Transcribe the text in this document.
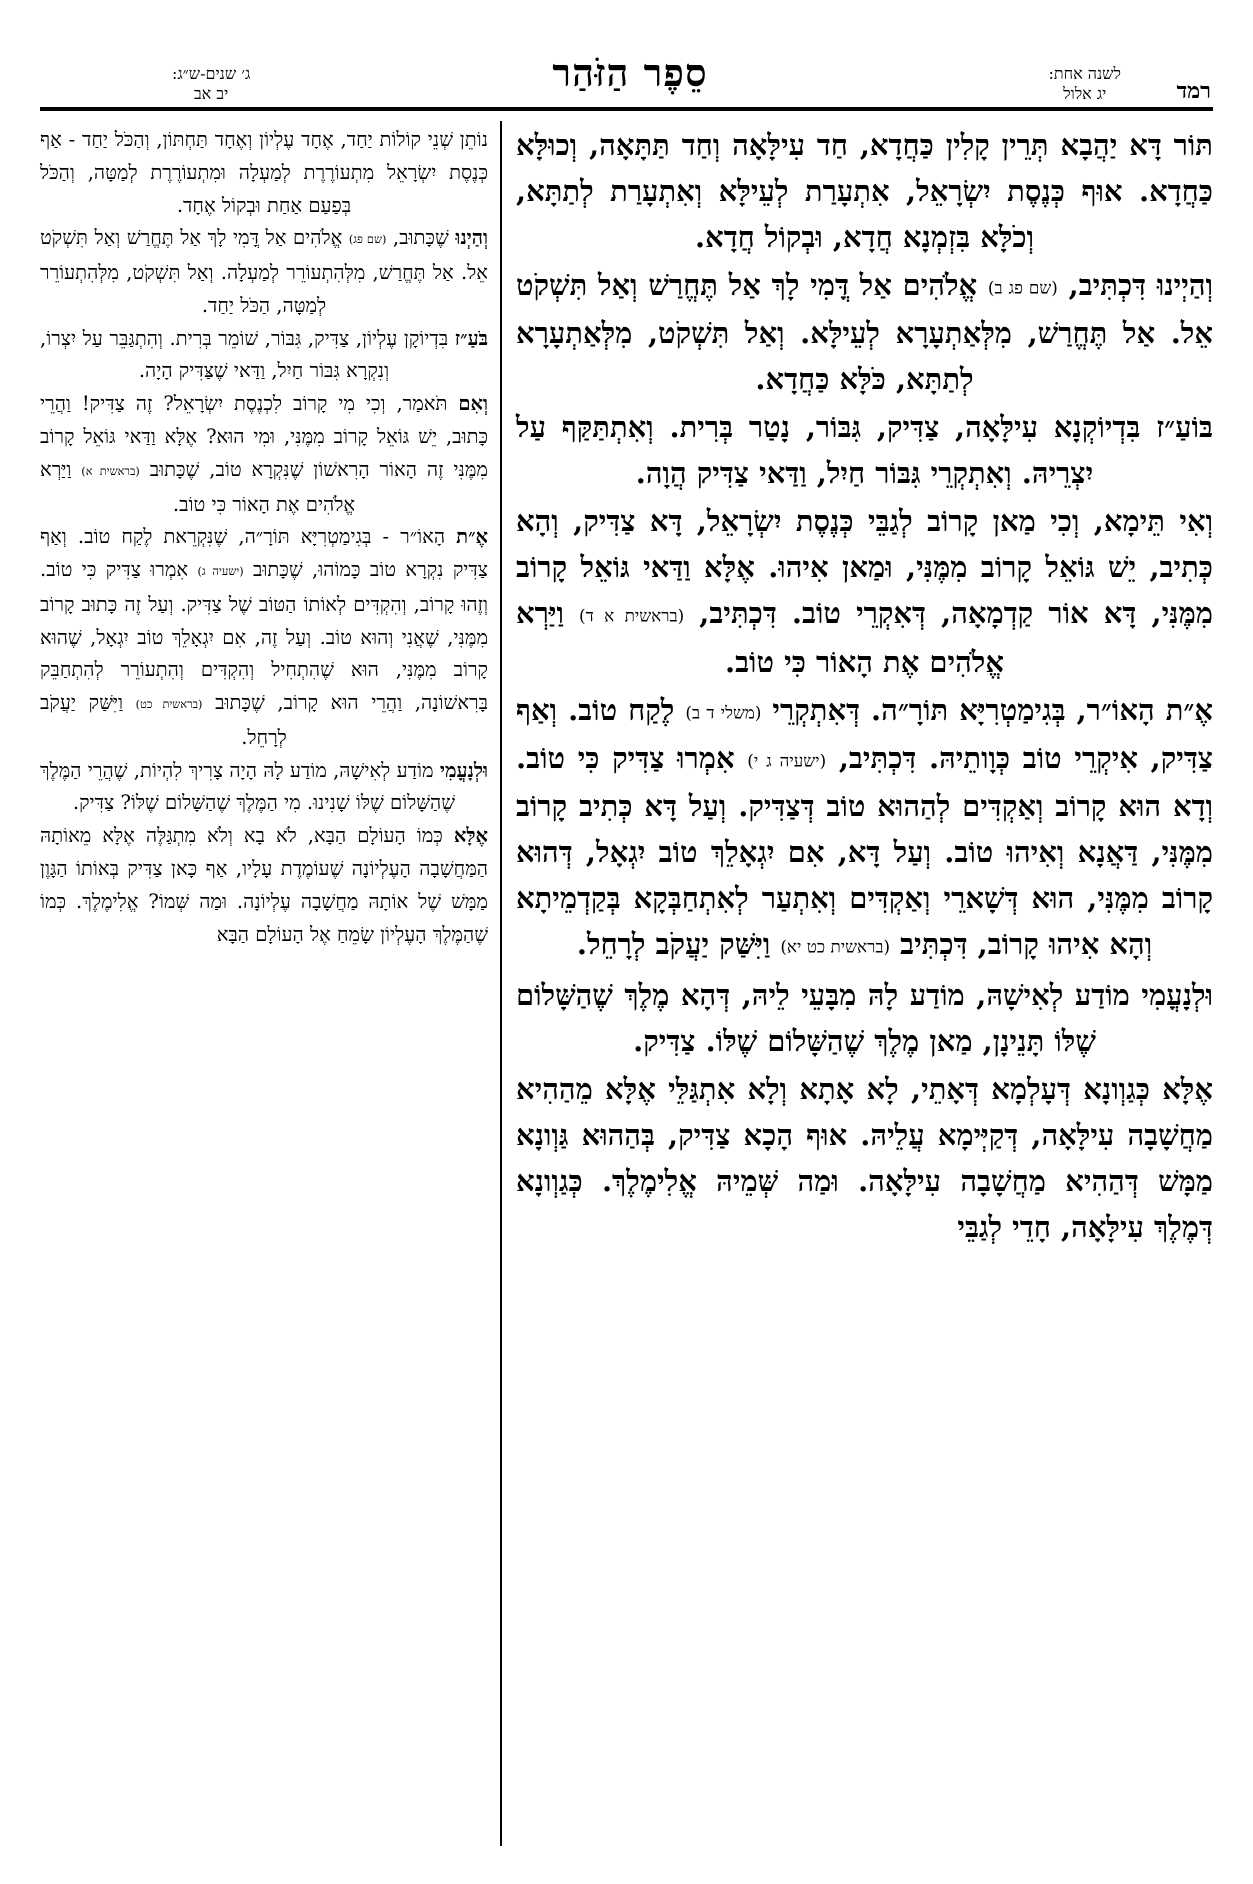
רמד
לשנה אחת:
יג אלול
סֵפֶר הַזֹּהַר
ג׳ שנים-ש״ג:
יב אב

תּוֹר דָּא יַהֲבָא תְּרֵין קָלִין כַּחֲדָא, חַד עִילָּאָה וְחַד תַּתָּאָה, וְכוּלָּא כַּחֲדָא. אוּף כְּנֶסֶת יִשְׂרָאֵל, אִתְעָרַת לְעֵילָּא וְאִתְעָרַת לְתַתָּא, וְכֹלָּא בִּזְמְנָא חֲדָא, וּבְקוֹל חֲדָא.

וְהַיְינוּ דִּכְתִּיב, (שם פג ב) אֱלֹהִים אַל דֳּמִי לָךְ אַל תֶּחֱרַשׁ וְאַל תִּשְׁקֹט אֵל. אַל תֶּחֱרַשׁ, מִלְּאַתְעָרָא לְעֵילָּא. וְאַל תִּשְׁקֹט, מִלְּאַתְעָרָא לְתַתָּא, כֹּלָּא כַּחֲדָא.

בּוֹעַ״ז בִּדְיוֹקְנָא עִילָּאָה, צַדִּיק, גִּבּוֹר, נָטַר בְּרִית. וְאִתְתַּקַּף עַל יִצְרֵיהּ. וְאִתְקְרֵי גִּבּוֹר חַיִל, וַדַּאי צַדִּיק הֲוָה.

וְאִי תֵּימָא, וְכִי מַאן קָרוֹב לְגַבֵּי כְּנֶסֶת יִשְׂרָאֵל, דָּא צַדִּיק, וְהָא כְּתִיב, יֵשׁ גּוֹאֵל קָרוֹב מִמֶּנִּי, וּמַאן אִיהוּ. אֶלָּא וַדַּאי גּוֹאֵל קָרוֹב מִמֶּנִּי, דָּא אוֹר קַדְמָאָה, דְּאִקְרֵי טוֹב. דִּכְתִּיב, (בראשית א ד) וַיַּרְא אֱלֹהִים אֶת הָאוֹר כִּי טוֹב.

אֶ״ת הָאוֹ״ר, בְּגִימַטְרִיָּא תּוֹרָ״ה. דְּאִתְקְרֵי (משלי ד ב) לֶקַח טוֹב. וְאַף צַדִּיק, אִיקְרֵי טוֹב כְּוָותֵיהּ. דִּכְתִּיב, (ישעיה ג י) אִמְרוּ צַדִּיק כִּי טוֹב. וְדָא הוּא קָרוֹב וְאַקְדִּים לְהַהוּא טוֹב דְּצַדִּיק. וְעַל דָּא כְּתִיב קָרוֹב מִמֶּנִּי, דַּאֲנָא וְאִיהוּ טוֹב. וְעַל דָּא, אִם יִגְאָלֵךְ טוֹב יִגְאָל, דְּהוּא קָרוֹב מִמֶּנִּי, הוּא דְּשָׁארֵי וְאַקְדִּים וְאִתְעַר לְאִתְחַבְּקָא בְּקַדְמֵיתָא וְהָא אִיהוּ קָרוֹב, דִּכְתִּיב (בראשית כט יא) וַיִּשַּׁק יַעֲקֹב לְרָחֵל.

וּלְנָעֳמִי מוֹדַע לְאִישָׁהּ, מוֹדַע לָהּ מִבָּעֵי לֵיהּ, דְּהָא מֶלֶךְ שֶׁהַשָּׁלוֹם שֶׁלּוֹ תָּנֵינָן, מַאן מֶלֶךְ שֶׁהַשָּׁלוֹם שֶׁלּוֹ. צַדִּיק.

אֶלָּא כְּגַוְונָא דְּעָלְמָא דְּאָתֵי, לָא אָתָא וְלָא אִתְגַּלֵּי אֶלָּא מֵהַהִיא מַחֲשָׁבָה עִילָּאָה, דְּקַיְּימָא עֲלֵיהּ. אוּף הָכָא צַדִּיק, בְּהַהוּא גַּוְונָא מַמָּשׁ דְּהַהִיא מַחֲשָׁבָה עִילָּאָה. וּמַה שְּׁמֵיהּ אֱלִימֶלֶךְ. כְּגַוְונָא דְּמֶלֶךְ עִילָּאָה, חָדֵי לְגַבֵּי

נוֹתֵן שְׁנֵי קוֹלוֹת יַחַד, אֶחָד עֶלְיוֹן וְאֶחָד תַּחְתּוֹן, וְהַכֹּל יַחַד - אַף כְּנֶסֶת יִשְׂרָאֵל מִתְעוֹרֶרֶת לְמַעְלָה וּמִתְעוֹרֶרֶת לְמַטָּה, וְהַכֹּל בְּפַעַם אַחַת וּבְקוֹל אֶחָד.

וְהַיְנוּ שֶׁכָּתוּב, (שם פג) אֱלֹהִים אַל דֳּמִי לָךְ אַל תֶּחֱרַשׁ וְאַל תִּשְׁקֹט אֵל. אַל תֶּחֱרַשׁ, מִלְּהִתְעוֹרֵר לְמַעְלָה. וְאַל תִּשְׁקֹט, מִלְּהִתְעוֹרֵר לְמַטָּה, הַכֹּל יַחַד.

בֹּעַ״ז בִּדְיוֹקָן עֶלְיוֹן, צַדִּיק, גִּבּוֹר, שׁוֹמֵר בְּרִית. וְהִתְגַּבֵּר עַל יִצְרוֹ, וְנִקְרָא גִּבּוֹר חַיִל, וַדַּאי שֶׁצַּדִּיק הָיָה.

וְאִם תֹּאמַר, וְכִי מִי קָרוֹב לִכְנֶסֶת יִשְׂרָאֵל? זֶה צַדִּיק! וַהֲרֵי כָּתוּב, יֵשׁ גּוֹאֵל קָרוֹב מִמֶּנִּי, וּמִי הוּא? אֶלָּא וַדַּאי גּוֹאֵל קָרוֹב מִמֶּנִּי זֶה הָאוֹר הָרִאשׁוֹן שֶׁנִּקְרָא טוֹב, שֶׁכָּתוּב (בראשית א) וַיַּרְא אֱלֹהִים אֶת הָאוֹר כִּי טוֹב.

אֶ״ת הָאוֹ״ר - בְּגִימַטְרִיָּא תּוֹרָ״ה, שֶׁנִּקְרֵאת לֶקַח טוֹב. וְאַף צַדִּיק נִקְרָא טוֹב כָּמוֹהוּ, שֶׁכָּתוּב (ישעיה ג) אִמְרוּ צַדִּיק כִּי טוֹב. וְזֶהוּ קָרוֹב, וְהִקְדִּים לְאוֹתוֹ הַטּוֹב שֶׁל צַדִּיק. וְעַל זֶה כָּתוּב קָרוֹב מִמֶּנִּי, שֶׁאֲנִי וְהוּא טוֹב. וְעַל זֶה, אִם יִגְאָלֵךְ טוֹב יִגְאָל, שֶׁהוּא קָרוֹב מִמֶּנִּי, הוּא שֶׁהִתְחִיל וְהִקְדִּים וְהִתְעוֹרֵר לְהִתְחַבֵּק בָּרִאשׁוֹנָה, וַהֲרֵי הוּא קָרוֹב, שֶׁכָּתוּב (בראשית כט) וַיִּשַּׁק יַעֲקֹב לְרָחֵל.

וּלְנָעֳמִי מוֹדַע לְאִישָׁהּ, מוֹדַע לָהּ הָיָה צָרִיךְ לִהְיוֹת, שֶׁהֲרֵי הַמֶּלֶךְ שֶׁהַשָּׁלוֹם שֶׁלּוֹ שָׁנִינוּ. מִי הַמֶּלֶךְ שֶׁהַשָּׁלוֹם שֶׁלּוֹ? צַדִּיק.

אֶלָּא כְּמוֹ הָעוֹלָם הַבָּא, לֹא בָא וְלֹא מִתְגַּלֶּה אֶלָּא מֵאוֹתָהּ הַמַּחֲשָׁבָה הָעֶלְיוֹנָה שֶׁעוֹמֶדֶת עָלָיו, אַף כָּאן צַדִּיק בְּאוֹתוֹ הַגָּוֶן מַמָּשׁ שֶׁל אוֹתָהּ מַחֲשָׁבָה עֶלְיוֹנָה. וּמַה שְּׁמוֹ? אֱלִימֶלֶךְ. כְּמוֹ שֶׁהַמֶּלֶךְ הָעֶלְיוֹן שָׂמֵחַ אֶל הָעוֹלָם הַבָּא
